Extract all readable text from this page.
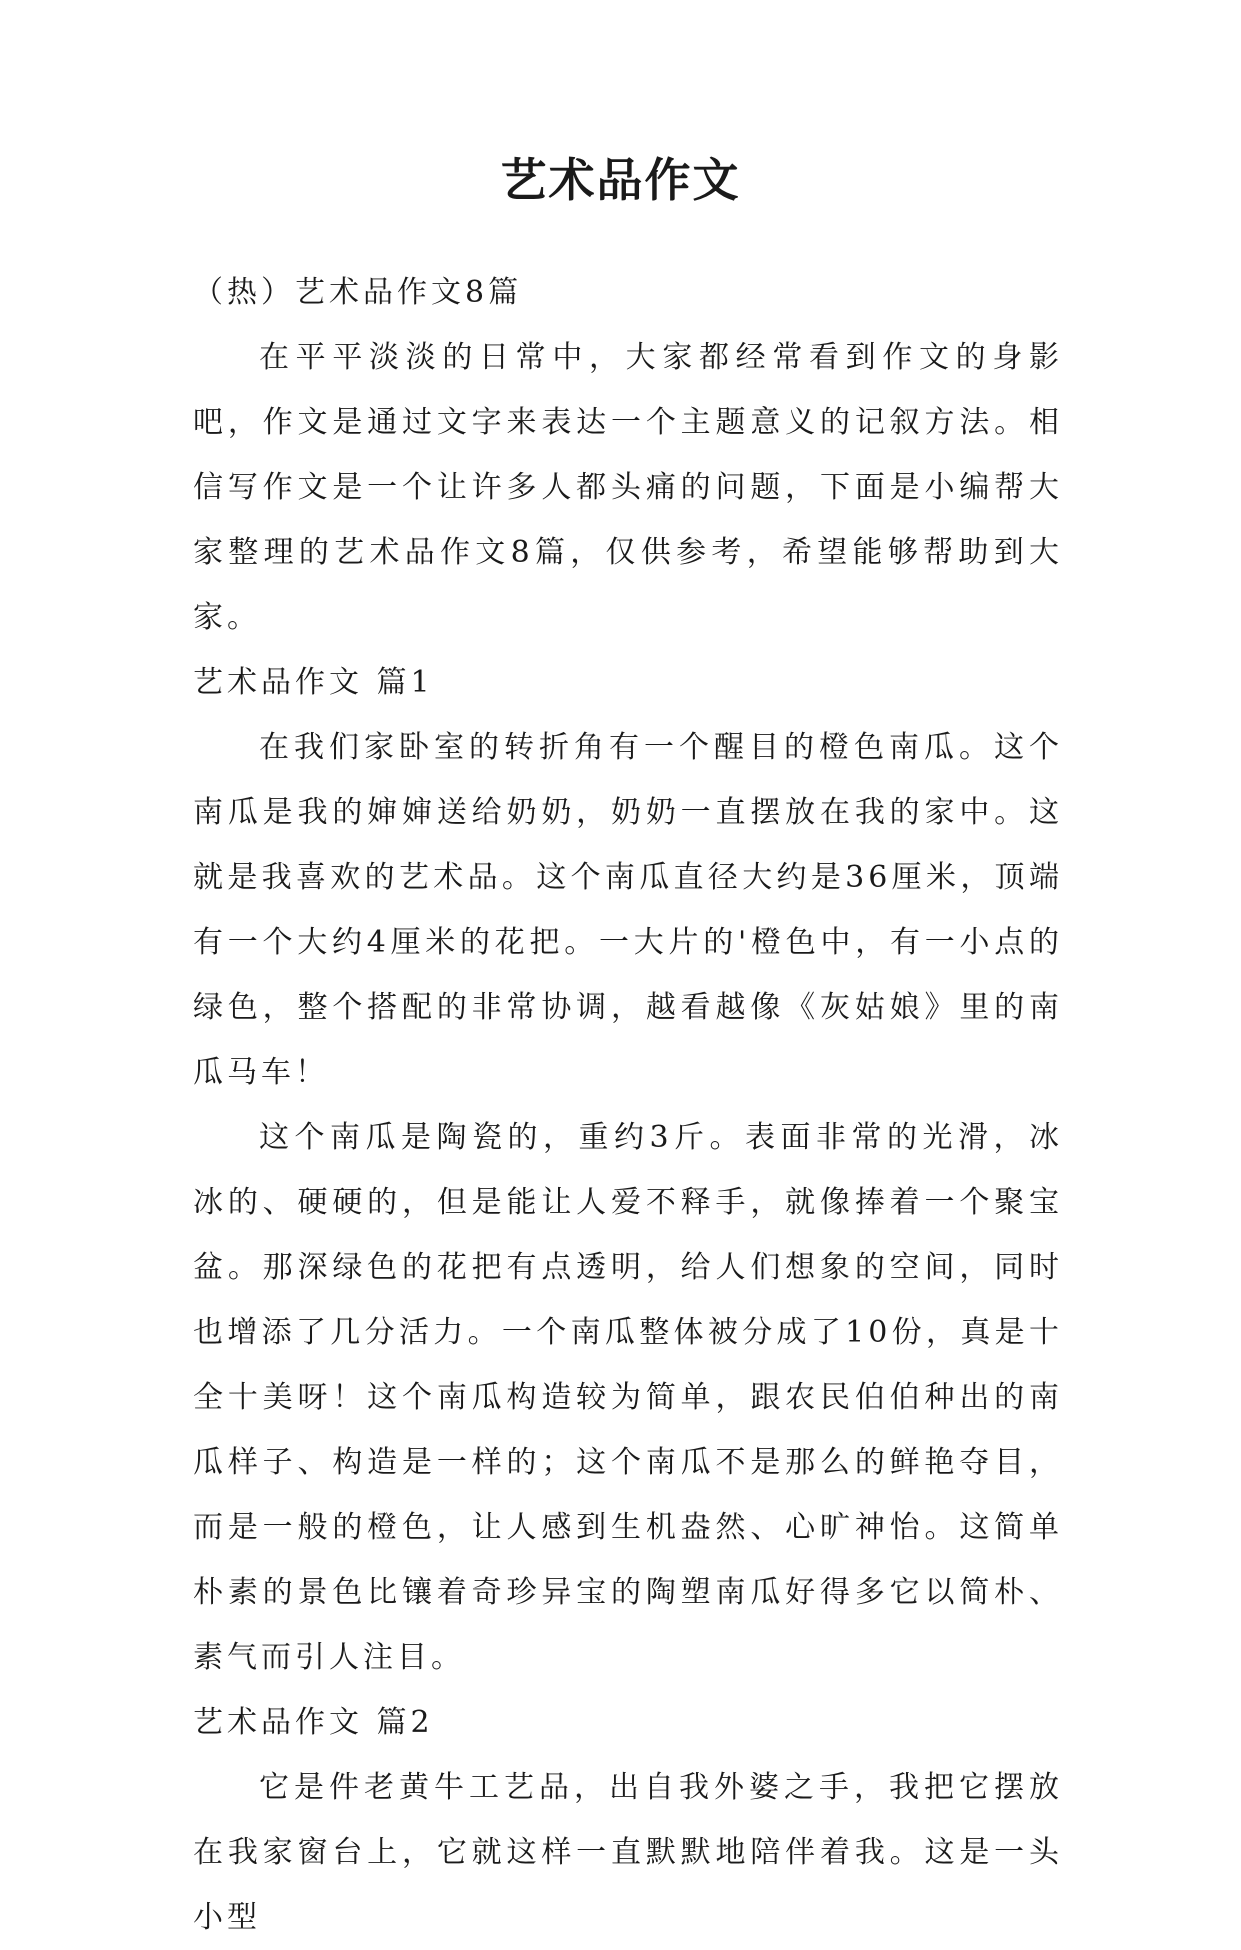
艺术品作文

（热）艺术品作文8篇

在平平淡淡的日常中，大家都经常看到作文的身影吧，作文是通过文字来表达一个主题意义的记叙方法。相信写作文是一个让许多人都头痛的问题，下面是小编帮大家整理的艺术品作文8篇，仅供参考，希望能够帮助到大家。

艺术品作文 篇1

在我们家卧室的转折角有一个醒目的橙色南瓜。这个南瓜是我的婶婶送给奶奶，奶奶一直摆放在我的家中。这就是我喜欢的艺术品。这个南瓜直径大约是36厘米，顶端有一个大约4厘米的花把。一大片的'橙色中，有一小点的绿色，整个搭配的非常协调，越看越像《灰姑娘》里的南瓜马车！

这个南瓜是陶瓷的，重约3斤。表面非常的光滑，冰冰的、硬硬的，但是能让人爱不释手，就像捧着一个聚宝盆。那深绿色的花把有点透明，给人们想象的空间，同时也增添了几分活力。一个南瓜整体被分成了10份，真是十全十美呀！这个南瓜构造较为简单，跟农民伯伯种出的南瓜样子、构造是一样的；这个南瓜不是那么的鲜艳夺目，而是一般的橙色，让人感到生机盎然、心旷神怡。这简单朴素的景色比镶着奇珍异宝的陶塑南瓜好得多它以简朴、素气而引人注目。

艺术品作文 篇2

它是件老黄牛工艺品，出自我外婆之手，我把它摆放在我家窗台上，它就这样一直默默地陪伴着我。这是一头小型
